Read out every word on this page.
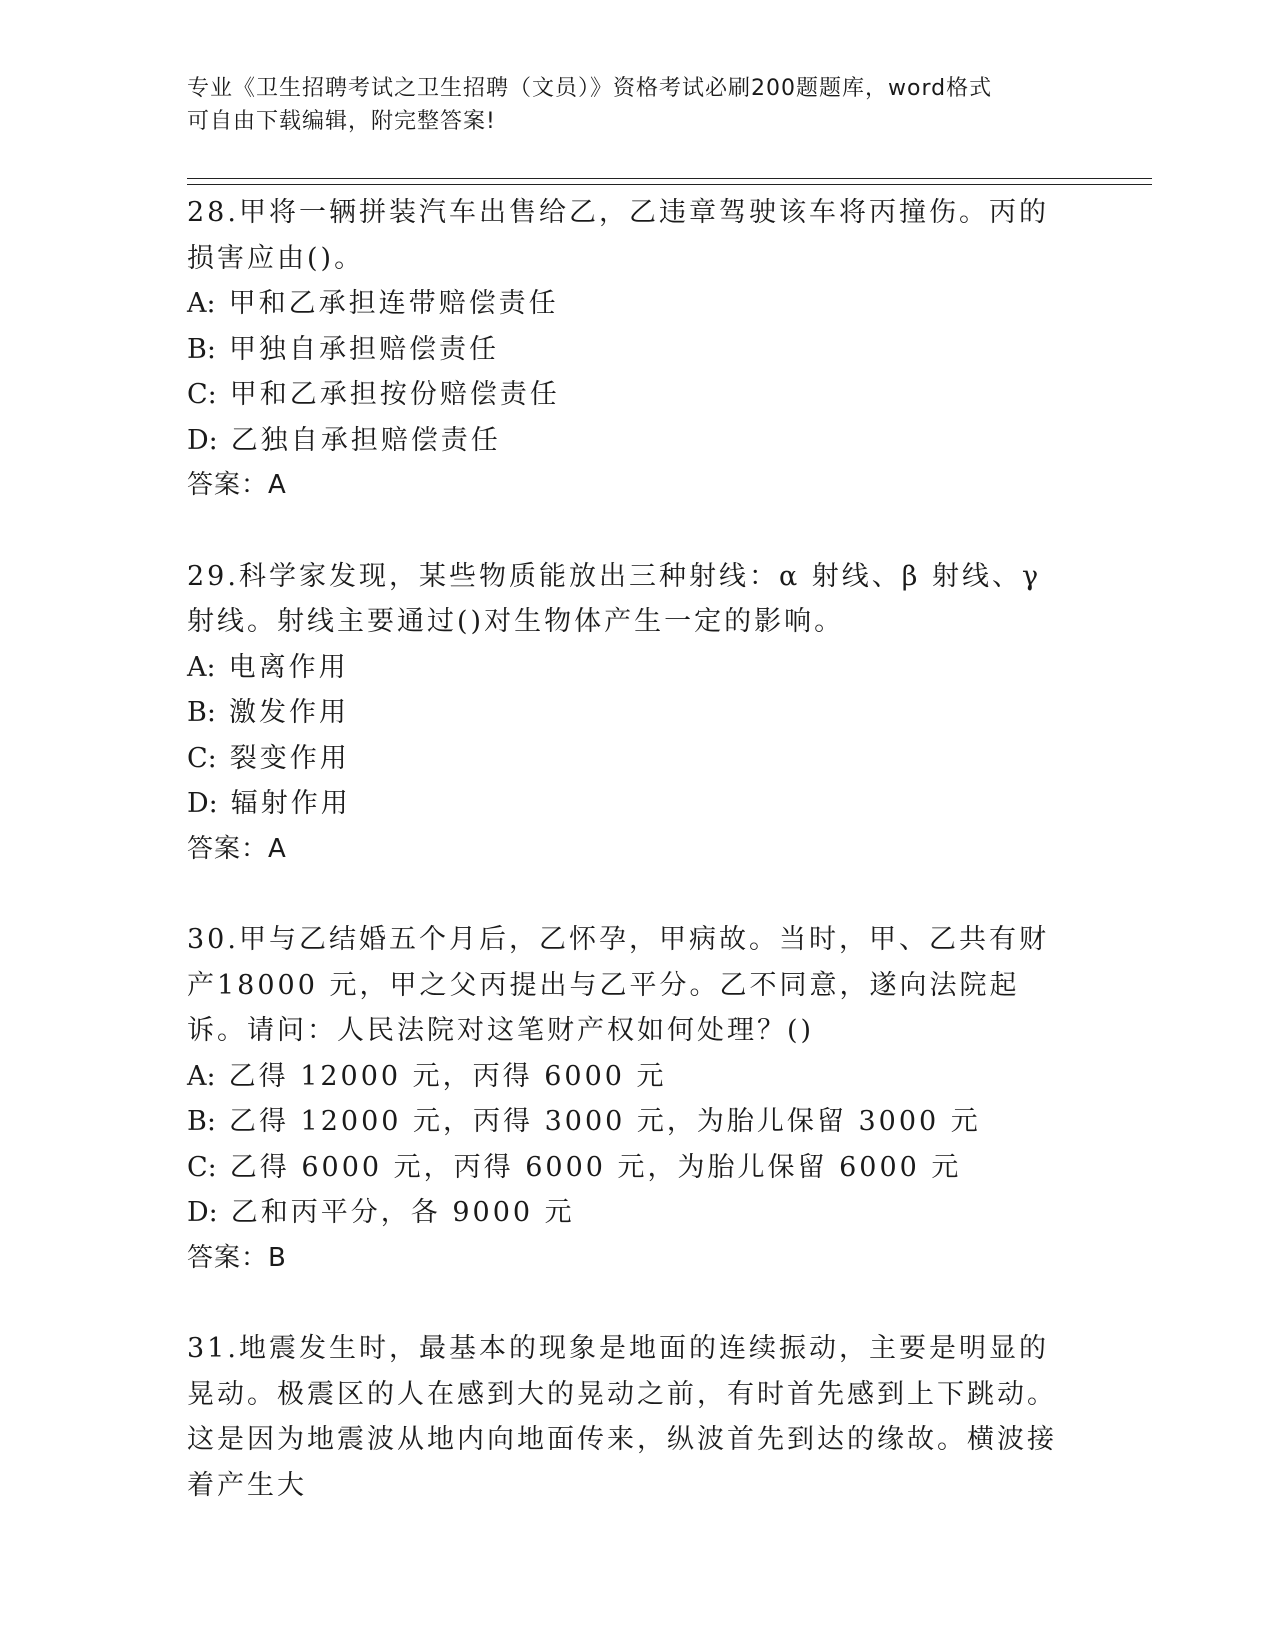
专业《卫生招聘考试之卫生招聘（文员）》资格考试必刷200题题库，word格式
可自由下载编辑，附完整答案!

28.甲将一辆拼装汽车出售给乙，乙违章驾驶该车将丙撞伤。丙的损害应由()。

A: 甲和乙承担连带赔偿责任
B: 甲独自承担赔偿责任
C: 甲和乙承担按份赔偿责任
D: 乙独自承担赔偿责任
答案：A

29.科学家发现，某些物质能放出三种射线：α 射线、β 射线、γ 射线。射线主要通过()对生物体产生一定的影响。

A: 电离作用
B: 激发作用
C: 裂变作用
D: 辐射作用
答案：A

30.甲与乙结婚五个月后，乙怀孕，甲病故。当时，甲、乙共有财产18000 元，甲之父丙提出与乙平分。乙不同意，遂向法院起诉。请问：人民法院对这笔财产权如何处理？()

A: 乙得 12000 元，丙得 6000 元
B: 乙得 12000 元，丙得 3000 元，为胎儿保留 3000 元
C: 乙得 6000 元，丙得 6000 元，为胎儿保留 6000 元
D: 乙和丙平分，各 9000 元
答案：B

31.地震发生时，最基本的现象是地面的连续振动，主要是明显的晃动。极震区的人在感到大的晃动之前，有时首先感到上下跳动。这是因为地震波从地内向地面传来，纵波首先到达的缘故。横波接着产生大
